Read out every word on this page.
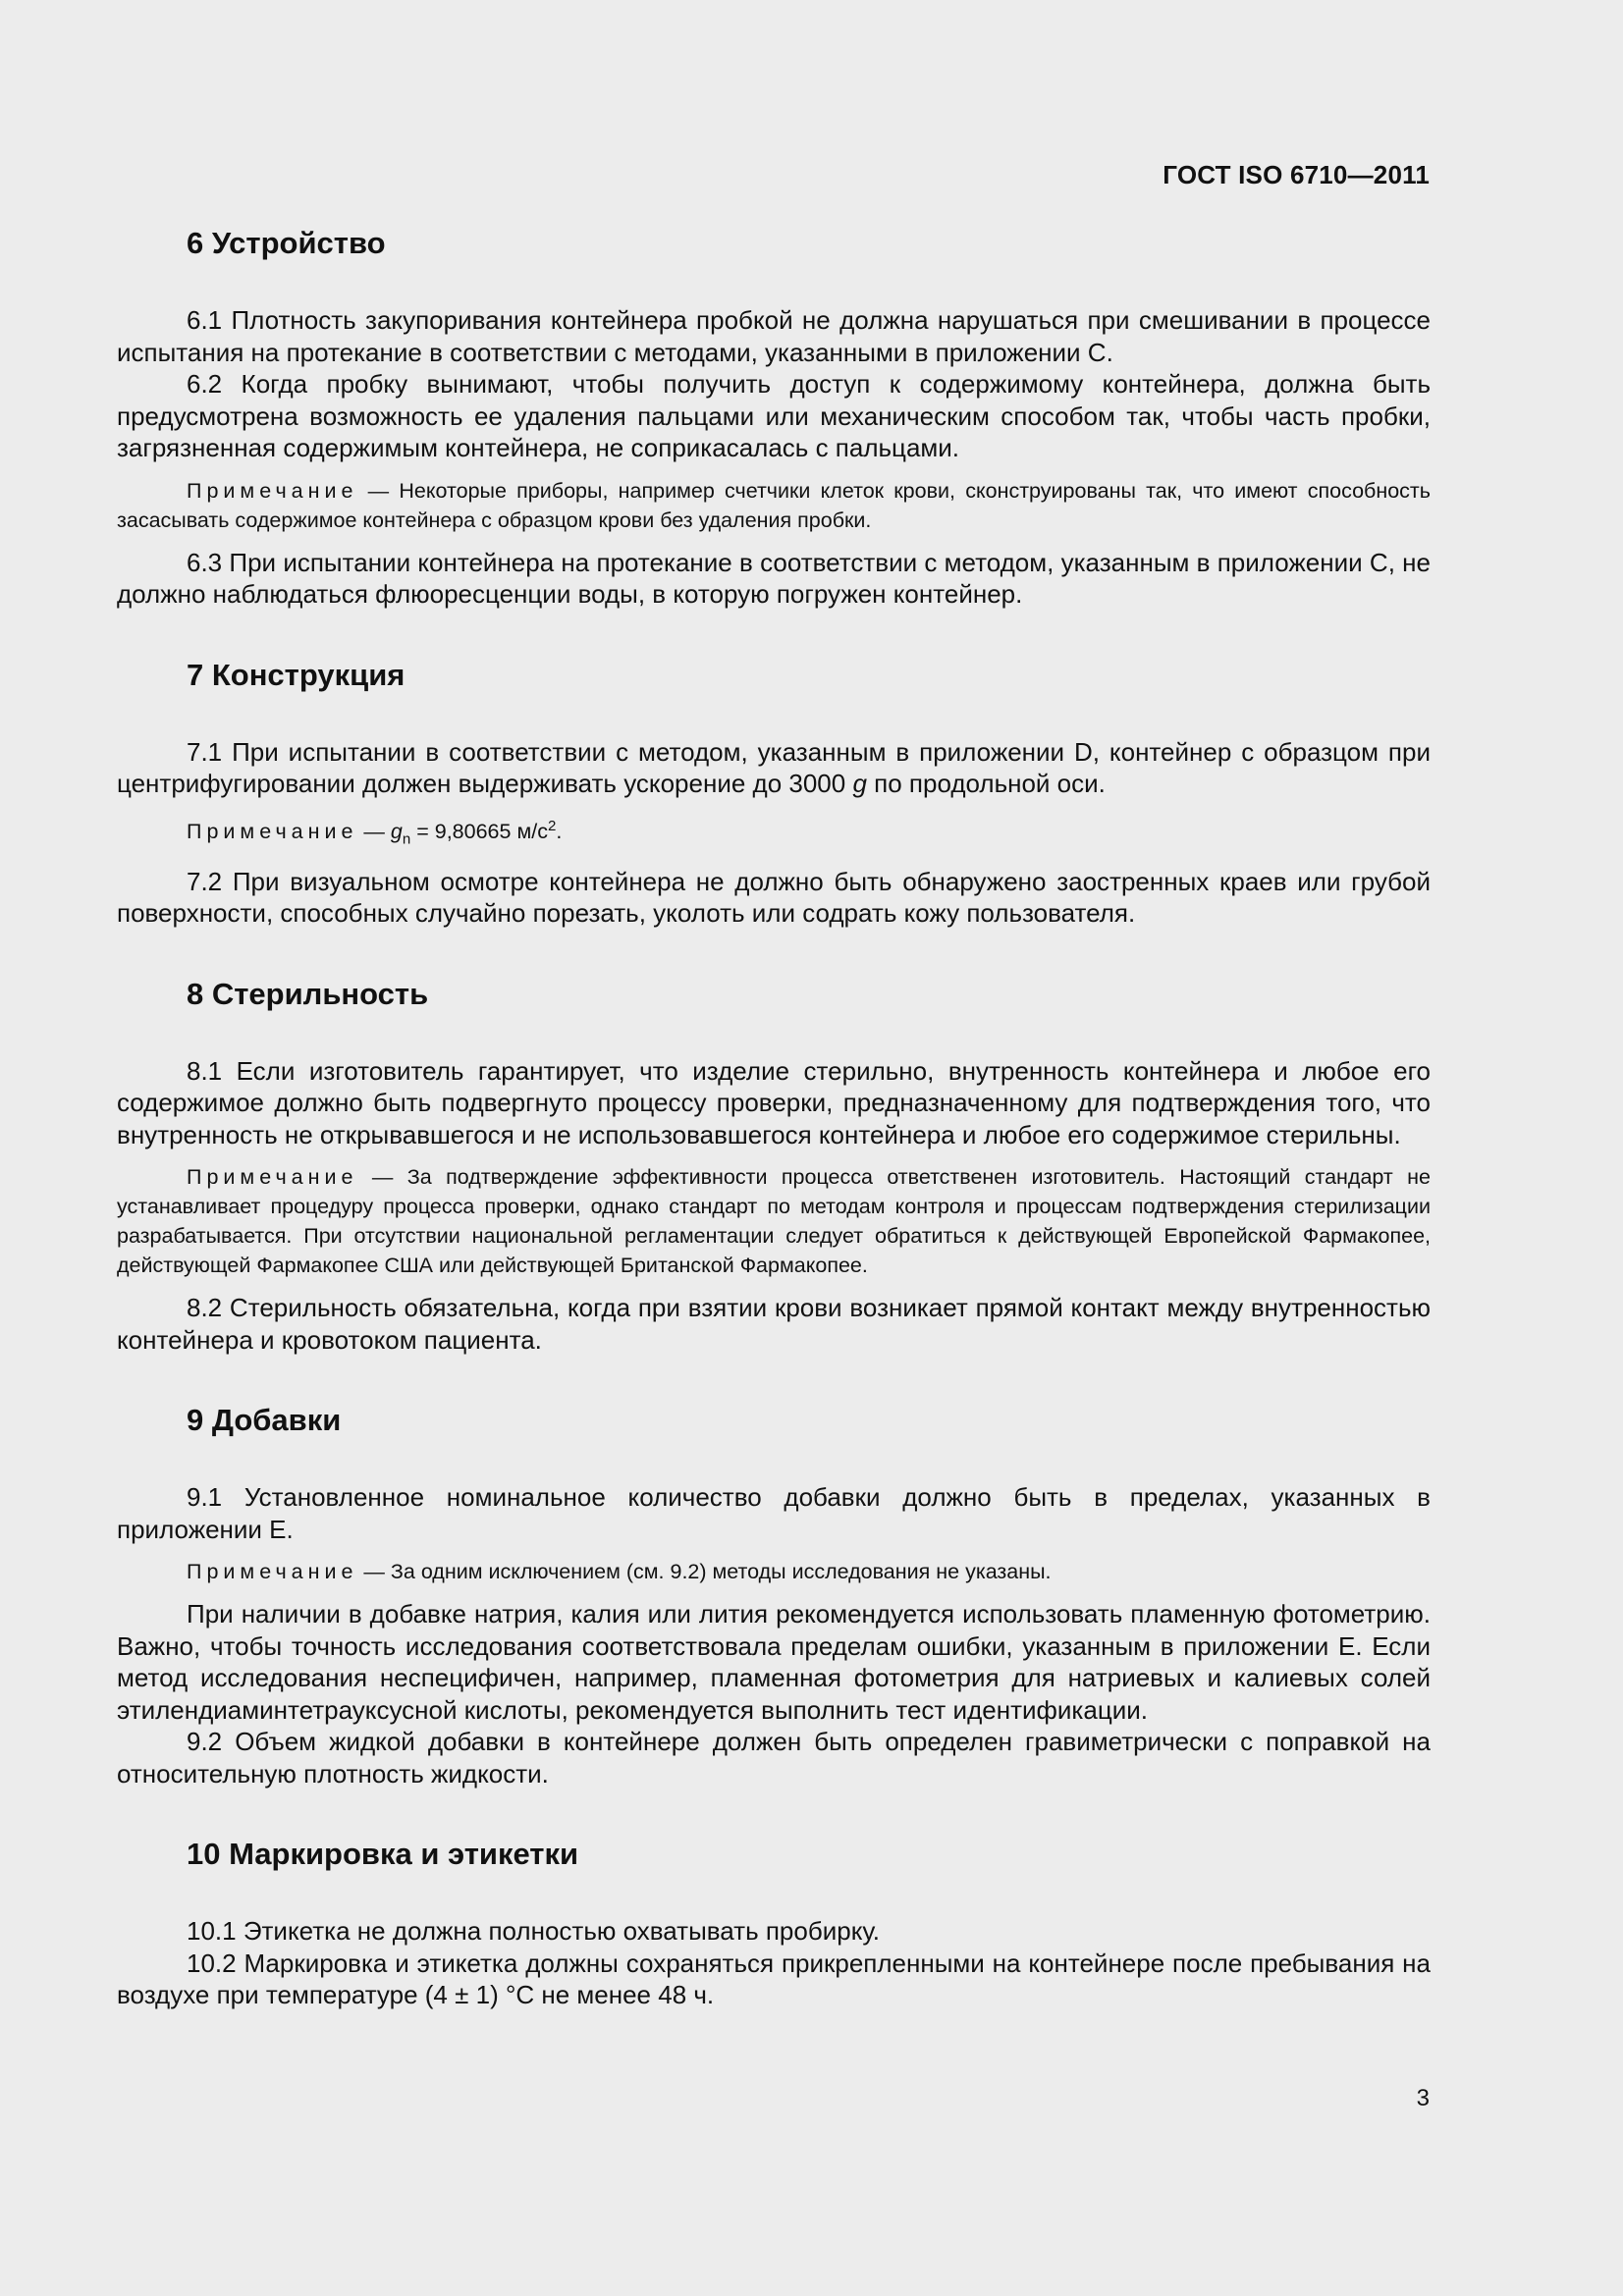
ГОСТ ISO 6710—2011
6 Устройство

6.1 Плотность закупоривания контейнера пробкой не должна нарушаться при смешивании в процессе испытания на протекание в соответствии с методами, указанными в приложении С.

6.2 Когда пробку вынимают, чтобы получить доступ к содержимому контейнера, должна быть предусмотрена возможность ее удаления пальцами или механическим способом так, чтобы часть пробки, загрязненная содержимым контейнера, не соприкасалась с пальцами.

Примечание — Некоторые приборы, например счетчики клеток крови, сконструированы так, что имеют способность засасывать содержимое контейнера с образцом крови без удаления пробки.

6.3 При испытании контейнера на протекание в соответствии с методом, указанным в приложении С, не должно наблюдаться флюоресценции воды, в которую погружен контейнер.

7 Конструкция

7.1 При испытании в соответствии с методом, указанным в приложении D, контейнер с образцом при центрифугировании должен выдерживать ускорение до 3000 g по продольной оси.

Примечание — $g_n = 9,80665$ $м/с^2$.

7.2 При визуальном осмотре контейнера не должно быть обнаружено заостренных краев или грубой поверхности, способных случайно порезать, уколоть или содрать кожу пользователя.

8 Стерильность

8.1 Если изготовитель гарантирует, что изделие стерильно, внутренность контейнера и любое его содержимое должно быть подвергнуто процессу проверки, предназначенному для подтверждения того, что внутренность не открывавшегося и не использовавшегося контейнера и любое его содержимое стерильны.

Примечание — За подтверждение эффективности процесса ответственен изготовитель. Настоящий стандарт не устанавливает процедуру процесса проверки, однако стандарт по методам контроля и процессам подтверждения стерилизации разрабатывается. При отсутствии национальной регламентации следует обратиться к действующей Европейской Фармакопее, действующей Фармакопее США или действующей Британской Фармакопее.

8.2 Стерильность обязательна, когда при взятии крови возникает прямой контакт между внутренностью контейнера и кровотоком пациента.

9 Добавки

9.1 Установленное номинальное количество добавки должно быть в пределах, указанных в приложении Е.

Примечание — За одним исключением (см. 9.2) методы исследования не указаны.

При наличии в добавке натрия, калия или лития рекомендуется использовать пламенную фотометрию. Важно, чтобы точность исследования соответствовала пределам ошибки, указанным в приложении Е. Если метод исследования неспецифичен, например, пламенная фотометрия для натриевых и калиевых солей этилендиаминтетрауксусной кислоты, рекомендуется выполнить тест идентификации.

9.2 Объем жидкой добавки в контейнере должен быть определен гравиметрически с поправкой на относительную плотность жидкости.

10 Маркировка и этикетки

10.1 Этикетка не должна полностью охватывать пробирку.

10.2 Маркировка и этикетка должны сохраняться прикрепленными на контейнере после пребывания на воздухе при температуре (4 ± 1) °С не менее 48 ч.

3
